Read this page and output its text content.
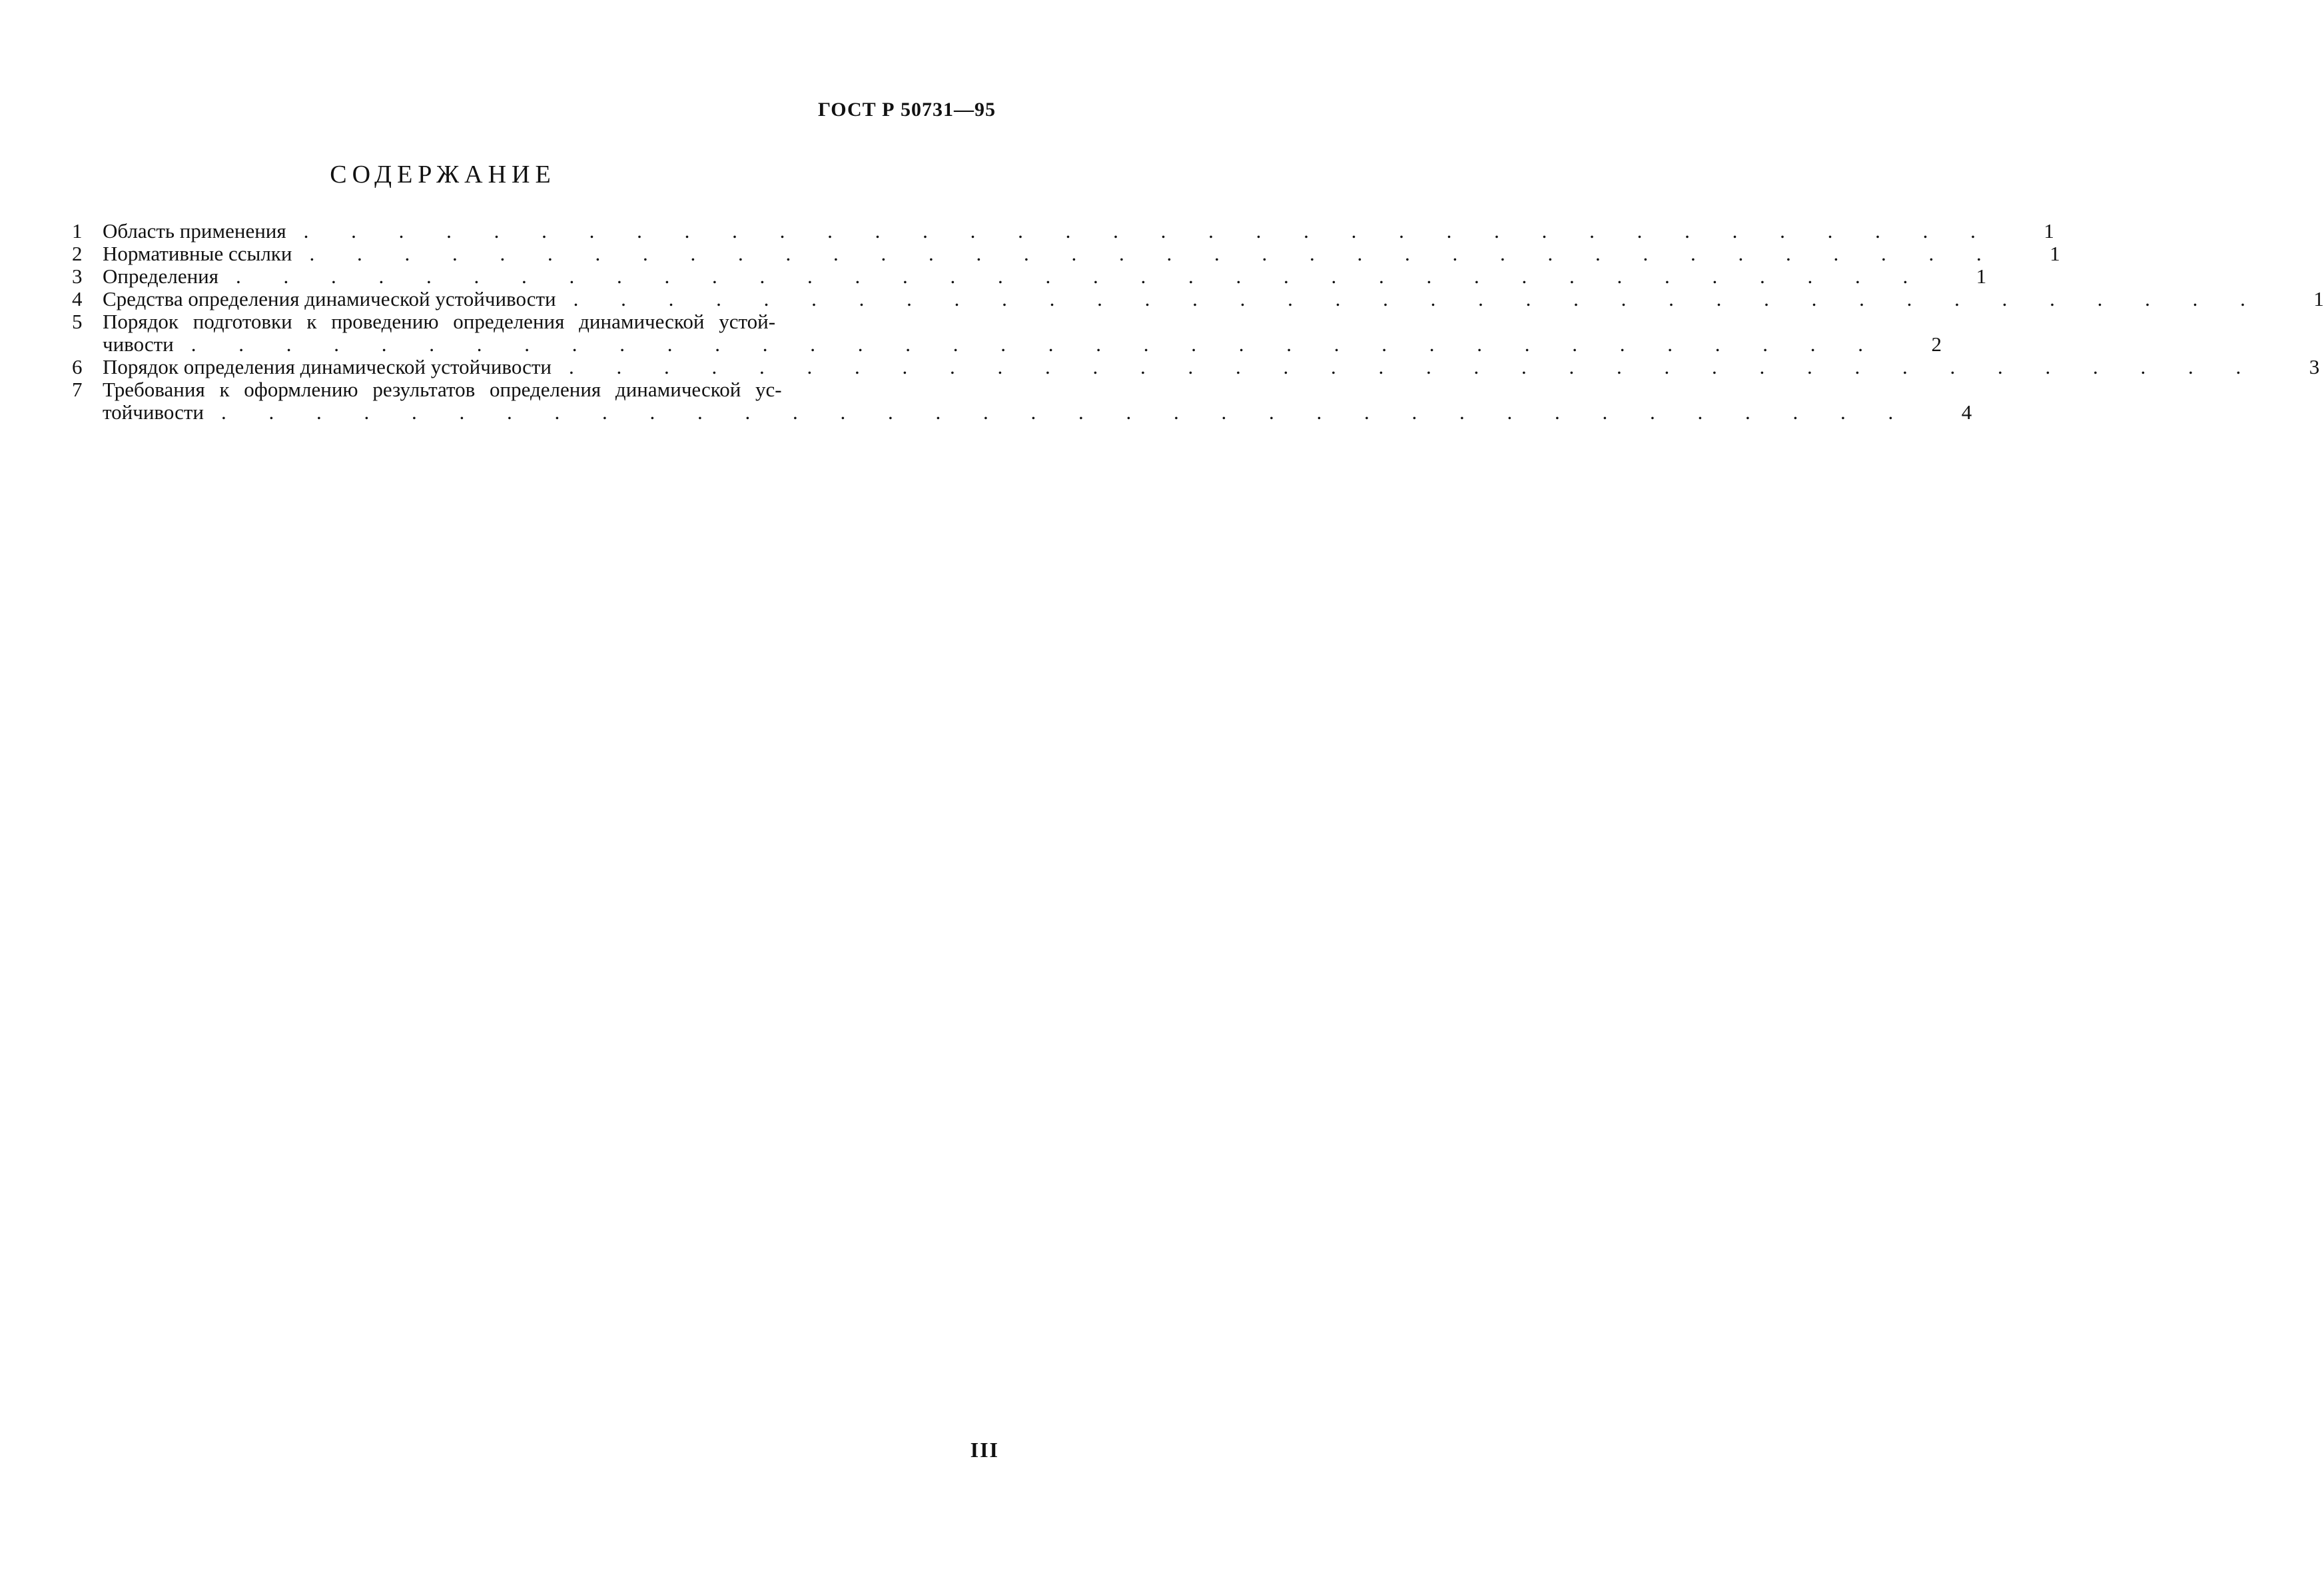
ГОСТ Р 50731—95
СОДЕРЖАНИЕ
1 Область применения . . .	1
2 Нормативные ссылки . . .	1
3 Определения . . .	1
4 Средства определения динамической устойчивости . . .	1
5 Порядок подготовки к проведению определения динамической устой-
чивости . . .	2
6 Порядок определения динамической устойчивости . . .	3
7 Требования к оформлению результатов определения динамической ус-
тойчивости . . .	4
III
